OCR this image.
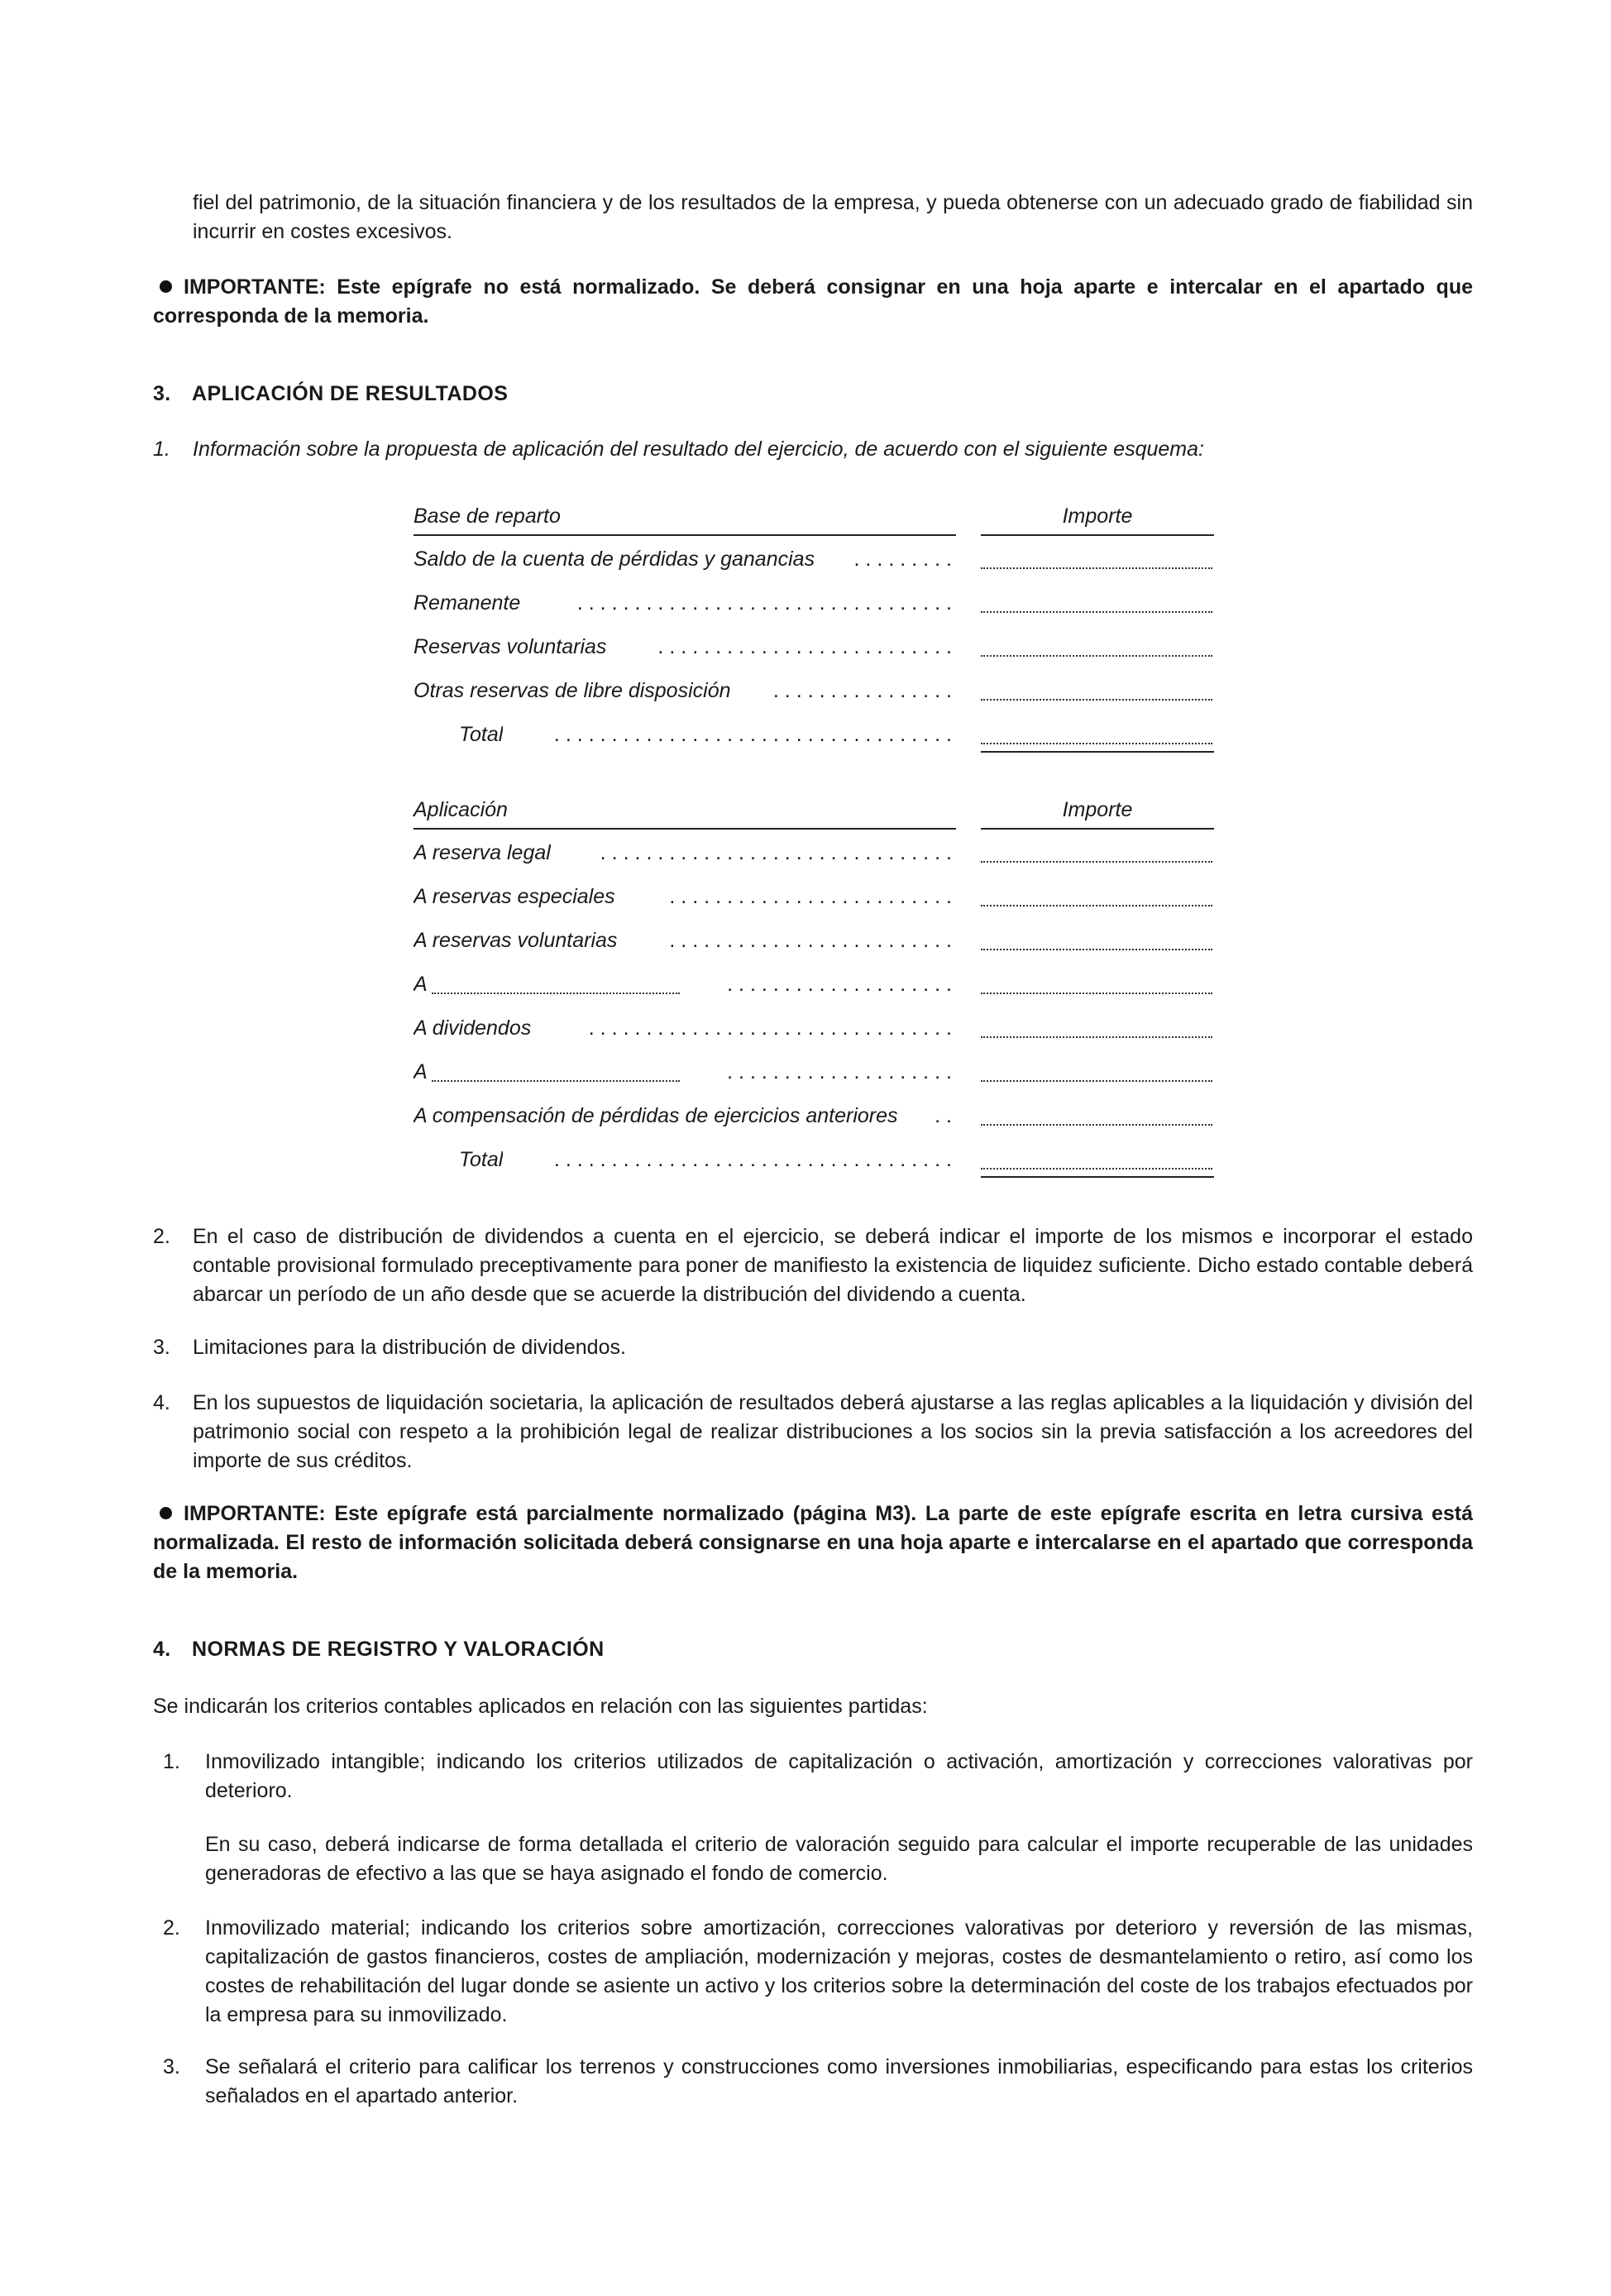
fiel del patrimonio, de la situación financiera y de los resultados de la empresa, y pueda obtenerse con un adecuado grado de fiabilidad sin incurrir en costes excesivos.

IMPORTANTE: Este epígrafe no está normalizado. Se deberá consignar en una hoja aparte e intercalar en el apartado que corresponda de la memoria.

3. APLICACIÓN DE RESULTADOS
1. Información sobre la propuesta de aplicación del resultado del ejercicio, de acuerdo con el siguiente esquema:

Base de reparto	Importe
Saldo de la cuenta de pérdidas y ganancias	.........
Remanente	.................................
Reservas voluntarias	..........................
Otras reservas de libre disposición	................
Total	...................................
Aplicación	Importe
A reserva legal	...............................
A reservas especiales	.........................
A reservas voluntarias	.........................
A	....................
A dividendos	................................
A	....................
A compensación de pérdidas de ejercicios anteriores ..
Total	...................................
2. En el caso de distribución de dividendos a cuenta en el ejercicio, se deberá indicar el importe de los mismos e incorporar el estado contable provisional formulado preceptivamente para poner de manifiesto la existencia de liquidez suficiente. Dicho estado contable deberá abarcar un período de un año desde que se acuerde la distribución del dividendo a cuenta.

3. Limitaciones para la distribución de dividendos.

4. En los supuestos de liquidación societaria, la aplicación de resultados deberá ajustarse a las reglas aplicables a la liquidación y división del patrimonio social con respeto a la prohibición legal de realizar distribuciones a los socios sin la previa satisfacción a los acreedores del importe de sus créditos.

IMPORTANTE: Este epígrafe está parcialmente normalizado (página M3). La parte de este epígrafe escrita en letra cursiva está normalizada. El resto de información solicitada deberá consignarse en una hoja aparte e intercalarse en el apartado que corresponda de la memoria.

4. NORMAS DE REGISTRO Y VALORACIÓN

Se indicarán los criterios contables aplicados en relación con las siguientes partidas:

1. Inmovilizado intangible; indicando los criterios utilizados de capitalización o activación, amortización y correcciones valorativas por deterioro.

En su caso, deberá indicarse de forma detallada el criterio de valoración seguido para calcular el importe recuperable de las unidades generadoras de efectivo a las que se haya asignado el fondo de comercio.

2. Inmovilizado material; indicando los criterios sobre amortización, correcciones valorativas por deterioro y reversión de las mismas, capitalización de gastos financieros, costes de ampliación, modernización y mejoras, costes de desmantelamiento o retiro, así como los costes de rehabilitación del lugar donde se asiente un activo y los criterios sobre la determinación del coste de los trabajos efectuados por la empresa para su inmovilizado.

3. Se señalará el criterio para calificar los terrenos y construcciones como inversiones inmobiliarias, especificando para estas los criterios señalados en el apartado anterior.
